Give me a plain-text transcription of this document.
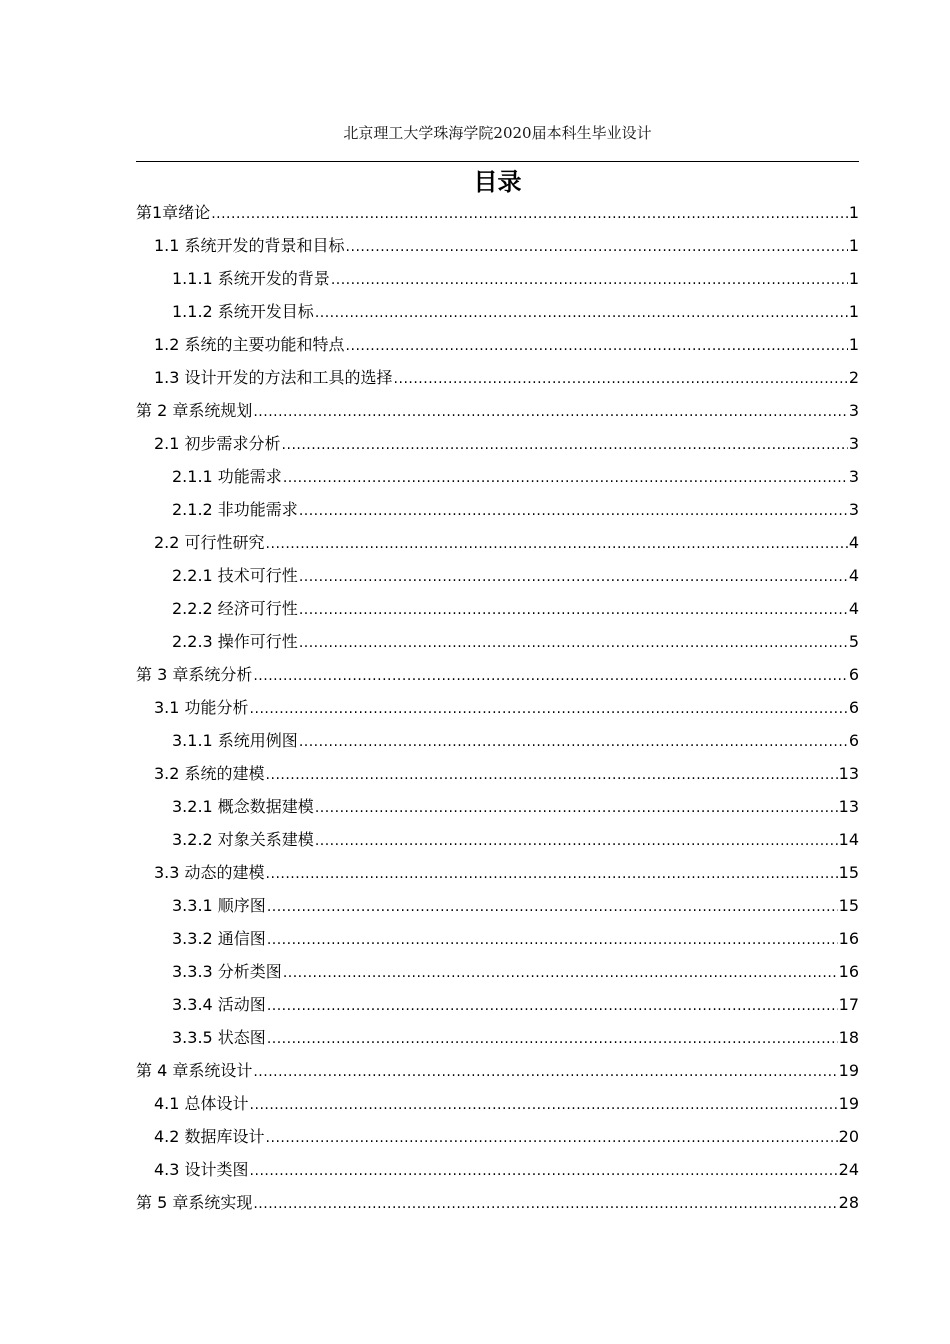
北京理工大学珠海学院2020届本科生毕业设计
目录
第1章绪论 .....	1
1.1 系统开发的背景和目标 .....	1
1.1.1 系统开发的背景 .....	1
1.1.2 系统开发目标 .....	1
1.2 系统的主要功能和特点 .....	1
1.3 设计开发的方法和工具的选择 .....	2
第 2 章系统规划 .....	3
2.1 初步需求分析 .....	3
2.1.1 功能需求 .....	3
2.1.2 非功能需求 .....	3
2.2 可行性研究 .....	4
2.2.1 技术可行性 .....	4
2.2.2 经济可行性 .....	4
2.2.3 操作可行性 .....	5
第 3 章系统分析 .....	6
3.1 功能分析 .....	6
3.1.1 系统用例图 .....	6
3.2 系统的建模 .....	13
3.2.1 概念数据建模 .....	13
3.2.2 对象关系建模 .....	14
3.3 动态的建模 .....	15
3.3.1 顺序图 .....	15
3.3.2 通信图 .....	16
3.3.3 分析类图 .....	16
3.3.4 活动图 .....	17
3.3.5 状态图 .....	18
第 4 章系统设计 .....	19
4.1 总体设计 .....	19
4.2 数据库设计 .....	20
4.3 设计类图 .....	24
第 5 章系统实现 .....	28
